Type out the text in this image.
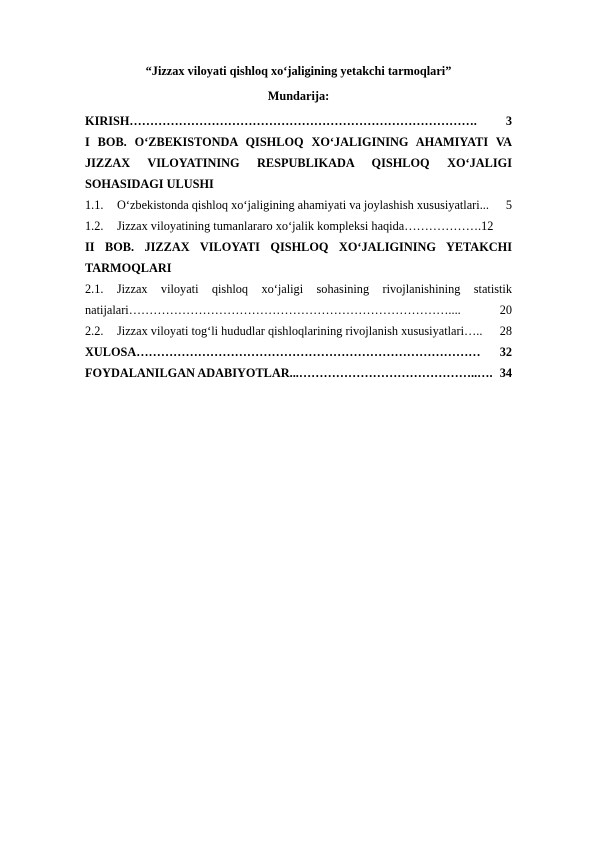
“Jizzax viloyati qishloq xo‘jaligining yetakchi tarmoqlari”
Mundarija:
KIRISH ………………………………………………………………………….	3
I BOB. O‘ZBEKISTONDA QISHLOQ XO‘JALIGINING AHAMIYATI VA
JIZZAX VILOYATINING RESPUBLIKADA QISHLOQ XO‘JALIGI
SOHASIDAGI ULUSHI
1.1.	O‘zbekistonda qishloq xo‘jaligining ahamiyati va joylashish xususiyatlari...	5
1.2.	Jizzax viloyatining tumanlararo xo‘jalik kompleksi haqida ………………. 12
II BOB. JIZZAX VILOYATI QISHLOQ XO‘JALIGINING YETAKCHI
TARMOQLARI
2.1. Jizzax viloyati qishloq xo‘jaligi sohasining rivojlanishining statistik
natijalari ……………………………………………………………………....	20
2.2.	Jizzax viloyati tog‘li hududlar qishloqlarining rivojlanish xususiyatlari…..	28
XULOSA …………………………………………………………………………	32
FOYDALANILGAN ADABIYOTLAR... ……………………………………..…. 34
